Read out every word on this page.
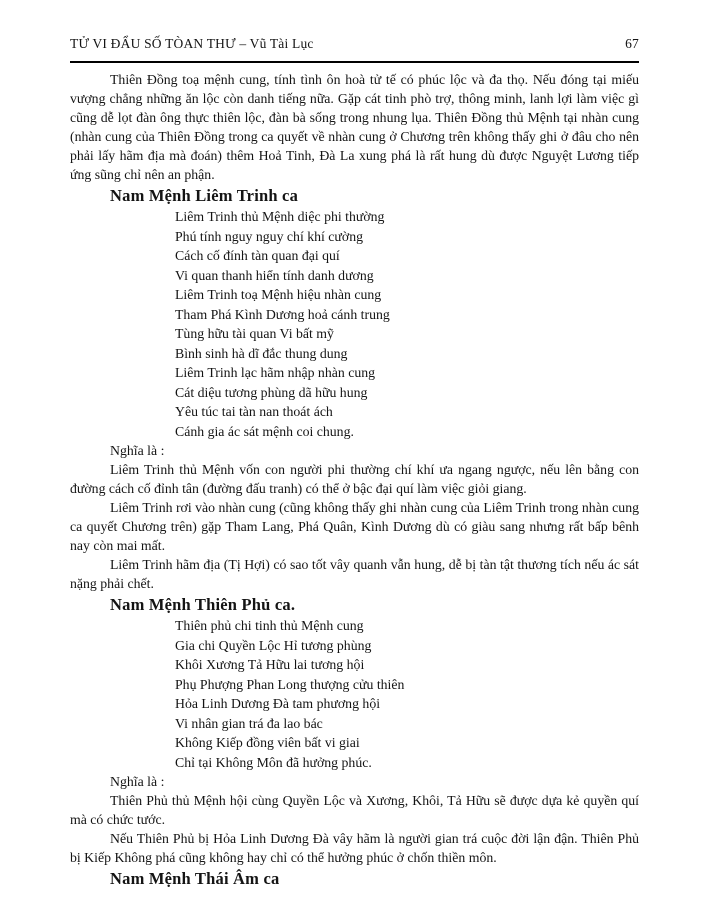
TỬ VI ĐẨU SỐ TÒAN THƯ – Vũ Tài Lục	67

Thiên Đồng toạ mệnh cung, tính tình ôn hoà tử tế có phúc lộc và đa thọ. Nếu đóng tại miếu vượng chẳng những ăn lộc còn danh tiếng nữa. Gặp cát tinh phò trợ, thông minh, lanh lợi làm việc gì cũng dễ lọt đàn ông thực thiên lộc, đàn bà sống trong nhung lụa. Thiên Đồng thủ Mệnh tại nhàn cung (nhàn cung của Thiên Đồng trong ca quyết về nhàn cung ở Chương trên không thấy ghi ở đâu cho nên phải lấy hãm địa mà đoán) thêm Hoả Tinh, Đà La xung phá là rất hung dù được Nguyệt Lương tiếp ứng sũng chỉ nên an phận.

Nam Mệnh Liêm Trinh ca
Liêm Trinh thủ Mệnh diệc phi thường
Phú tính nguy nguy chí khí cường
Cách cố đính tàn quan đại quí
Vi quan thanh hiển tính danh dương
Liêm Trinh toạ Mệnh hiệu nhàn cung
Tham Phá Kình Dương hoả cánh trung
Tùng hữu tài quan Vi bất mỹ
Bình sinh hà dĩ đắc thung dung
Liêm Trinh lạc hãm nhập nhàn cung
Cát diệu tương phùng dã hữu hung
Yêu túc tai tàn nan thoát ách
Cánh gia ác sát mệnh coi chung.
Nghĩa là :

Liêm Trinh thủ Mệnh vốn con người phi thường chí khí ưa ngang ngược, nếu lên bằng con đường cách cố đỉnh tân (đường đấu tranh) có thể ở bậc đại quí làm việc giỏi giang.

Liêm Trinh rơi vào nhàn cung (cũng không thấy ghi nhàn cung của Liêm Trinh trong nhàn cung ca quyết Chương trên) gặp Tham Lang, Phá Quân, Kình Dương dù có giàu sang nhưng rất bấp bênh nay còn mai mất.

Liêm Trinh hãm địa (Tị Hợi) có sao tốt vây quanh vẫn hung, dễ bị tàn tật thương tích nếu ác sát nặng phải chết.

Nam Mệnh Thiên Phủ ca.
Thiên phủ chi tinh thủ Mệnh cung
Gia chi Quyền Lộc Hỉ tương phùng
Khôi Xương Tả Hữu lai tương hội
Phụ Phượng Phan Long thượng cửu thiên
Hỏa Linh Dương Đà tam phương hội
Vi nhân gian trá đa lao bác
Không Kiếp đồng viên bất vi giai
Chỉ tại Không Môn đã hưởng phúc.
Nghĩa là :

Thiên Phủ thủ Mệnh hội cùng Quyền Lộc và Xương, Khôi, Tả Hữu sẽ được dựa kẻ quyền quí mà có chức tước.

Nếu Thiên Phủ bị Hỏa Linh Dương Đà vây hãm là người gian trá cuộc đời lận đận. Thiên Phủ bị Kiếp Không phá cũng không hay chỉ có thể hưởng phúc ở chốn thiền môn.

Nam Mệnh Thái Âm ca
